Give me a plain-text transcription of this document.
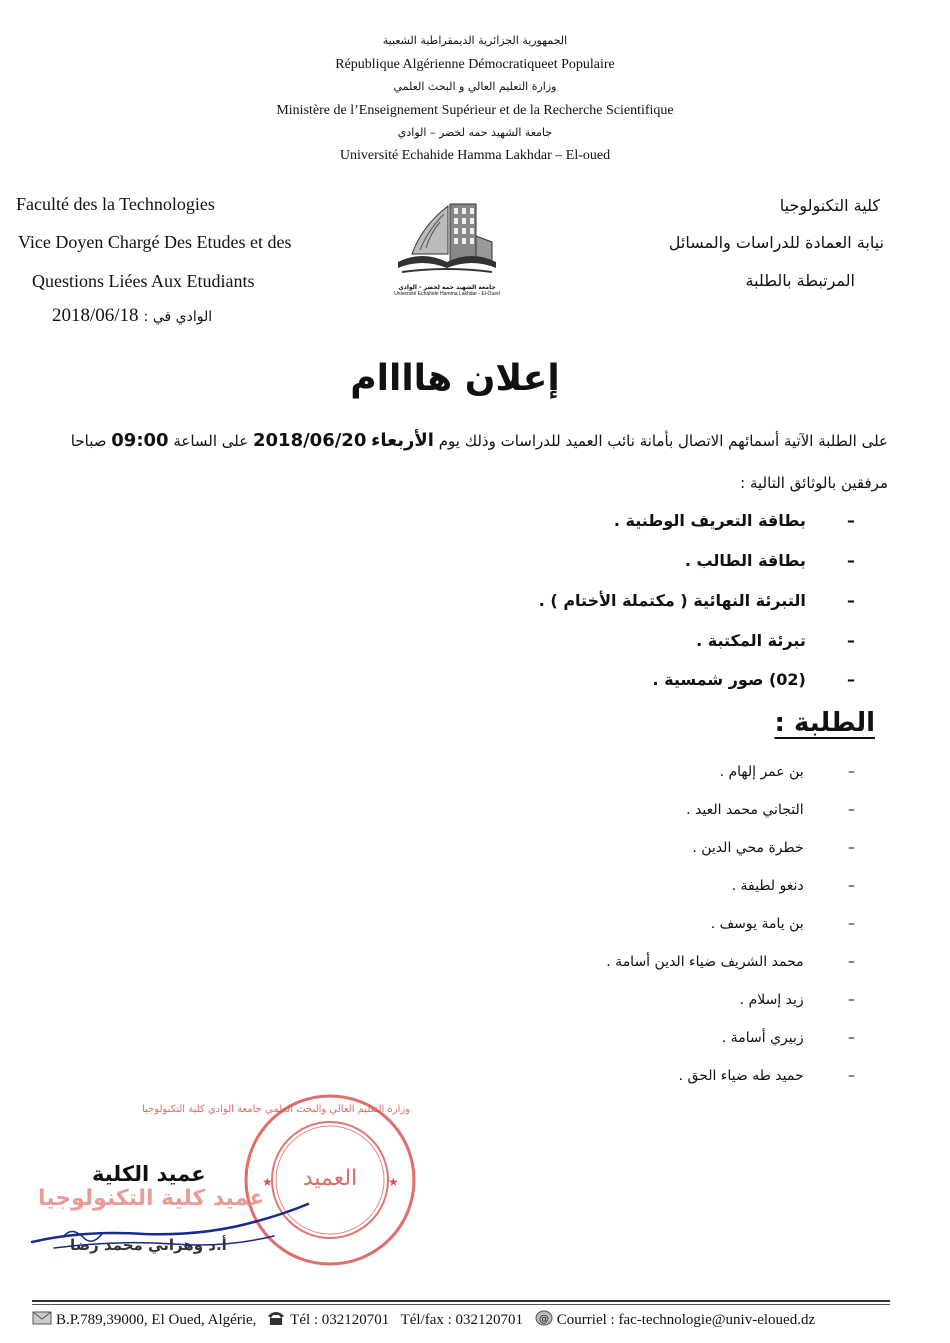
الجمهورية الجزائرية الديمقراطية الشعبية
République Algérienne Démocratiqueet Populaire
وزارة التعليم العالي و البحث العلمي
Ministère de l’Enseignement Supérieur et de la Recherche Scientifique
جامعة الشهيد حمه لخضر – الوادي
Université Echahide Hamma Lakhdar – El-oued
Faculté des la Technologies
Vice Doyen Chargé Des Etudes et des
Questions Liées Aux Etudiants
2018/06/18 الوادي في :
كلية التكنولوجيا
نيابة العمادة للدراسات والمسائل
المرتبطة بالطلبة
جامعة الشهيد حمه لخضر - الوادي
Université Echahide Hamma Lakhdar - El-Oued
إعلان هاااام
على الطلبة الآتية أسمائهم الاتصال بأمانة نائب العميد للدراسات وذلك يوم الأربعاء 2018/06/20 على الساعة 09:00 صباحا
مرفقين بالوثائق التالية :
–  بطاقة التعريف الوطنية .
–  بطاقة الطالب .
–  التبرئة النهائية ( مكتملة الأختام ) .
–  تبرئة المكتبة .
–  (02) صور شمسية .
الطلبة :
–   بن عمر إلهام .
–   التجاني محمد العيد .
–   خطرة محي الدين .
–   دنغو لطيفة .
–   بن يامة يوسف .
–   محمد الشريف ضياء الدين أسامة .
–   زيد إسلام .
–   زبيري أسامة .
–   حميد طه ضياء الحق .
★	★
وزارة التعليم العالي والبحث العلمي جامعة الوادي كلية التكنولوجيا
العميد
عميد الكلية
عميد كلية التكنولوجيا
أ.د وهراني محمد رضا
B.P.789,39000, El Oued, Algérie, Tél : 032120701 Tél/fax : 032120701 @ Courriel : fac-technologie@univ-eloued.dz
